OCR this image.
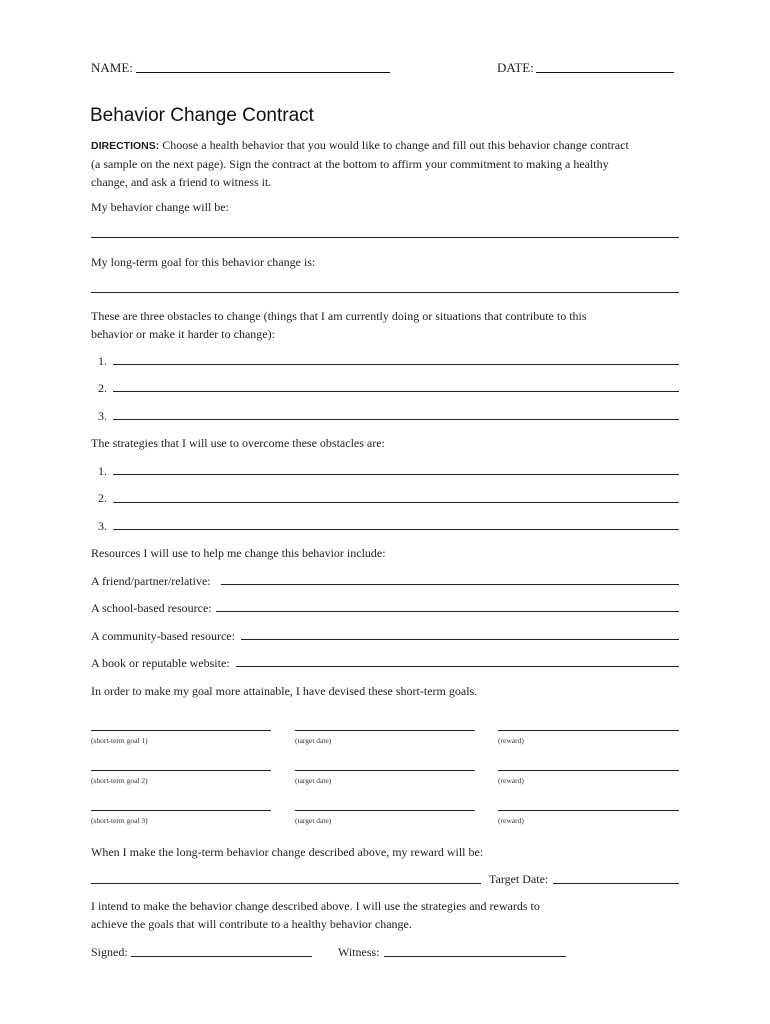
NAME:	DATE:
Behavior Change Contract
DIRECTIONS: Choose a health behavior that you would like to change and fill out this behavior change contract (a sample on the next page). Sign the contract at the bottom to affirm your commitment to making a healthy change, and ask a friend to witness it.
My behavior change will be:
My long-term goal for this behavior change is:
These are three obstacles to change (things that I am currently doing or situations that contribute to this behavior or make it harder to change):
1.
2.
3.
The strategies that I will use to overcome these obstacles are:
1.
2.
3.
Resources I will use to help me change this behavior include:
A friend/partner/relative:
A school-based resource:
A community-based resource:
A book or reputable website:
In order to make my goal more attainable, I have devised these short-term goals.
(short-term goal 1)	(target date)	(reward)
(short-term goal 2)	(target date)	(reward)
(short-term goal 3)	(target date)	(reward)
When I make the long-term behavior change described above, my reward will be:
Target Date:
I intend to make the behavior change described above. I will use the strategies and rewards to achieve the goals that will contribute to a healthy behavior change.
Signed:	Witness:
